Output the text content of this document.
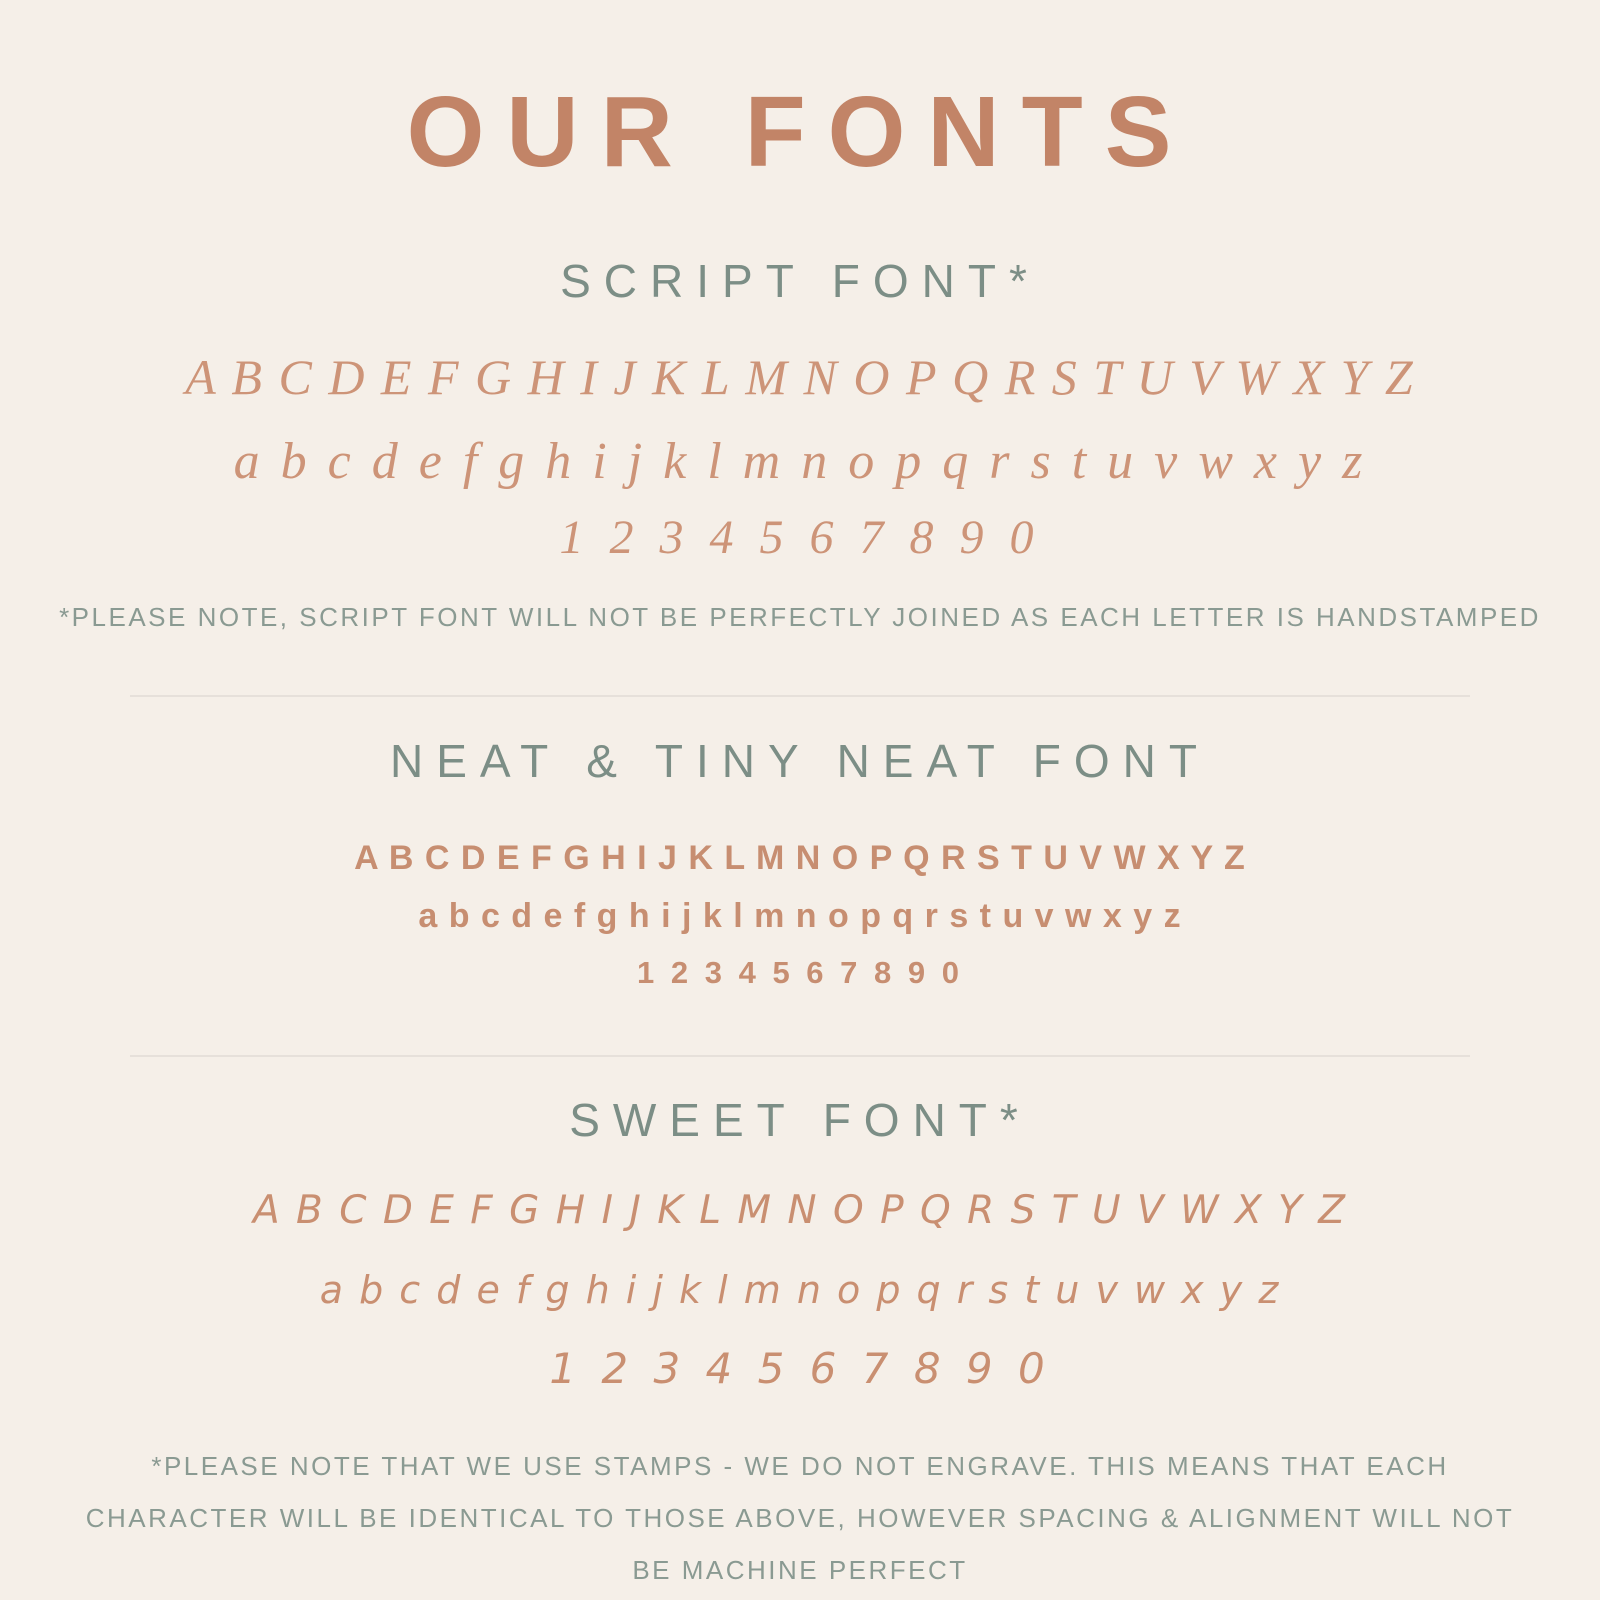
OUR FONTS
SCRIPT FONT*
A B C D E F G H I J K L M N O P Q R S T U V W X Y Z
a b c d e f g h i j k l m n o p q r s t u v w x y z
1 2 3 4 5 6 7 8 9 0

*PLEASE NOTE, SCRIPT FONT WILL NOT BE PERFECTLY JOINED AS EACH LETTER IS HANDSTAMPED

NEAT & TINY NEAT FONT
A B C D E F G H I J K L M N O P Q R S T U V W X Y Z
a b c d e f g h i j k l m n o p q r s t u v w x y z
1 2 3 4 5 6 7 8 9 0
SWEET FONT*
A B C D E F G H I J K L M N O P Q R S T U V W X Y Z
a b c d e f g h i j k l m n o p q r s t u v w x y z
1 2 3 4 5 6 7 8 9 0

*PLEASE NOTE THAT WE USE STAMPS - WE DO NOT ENGRAVE. THIS MEANS THAT EACH CHARACTER WILL BE IDENTICAL TO THOSE ABOVE, HOWEVER SPACING & ALIGNMENT WILL NOT BE MACHINE PERFECT
